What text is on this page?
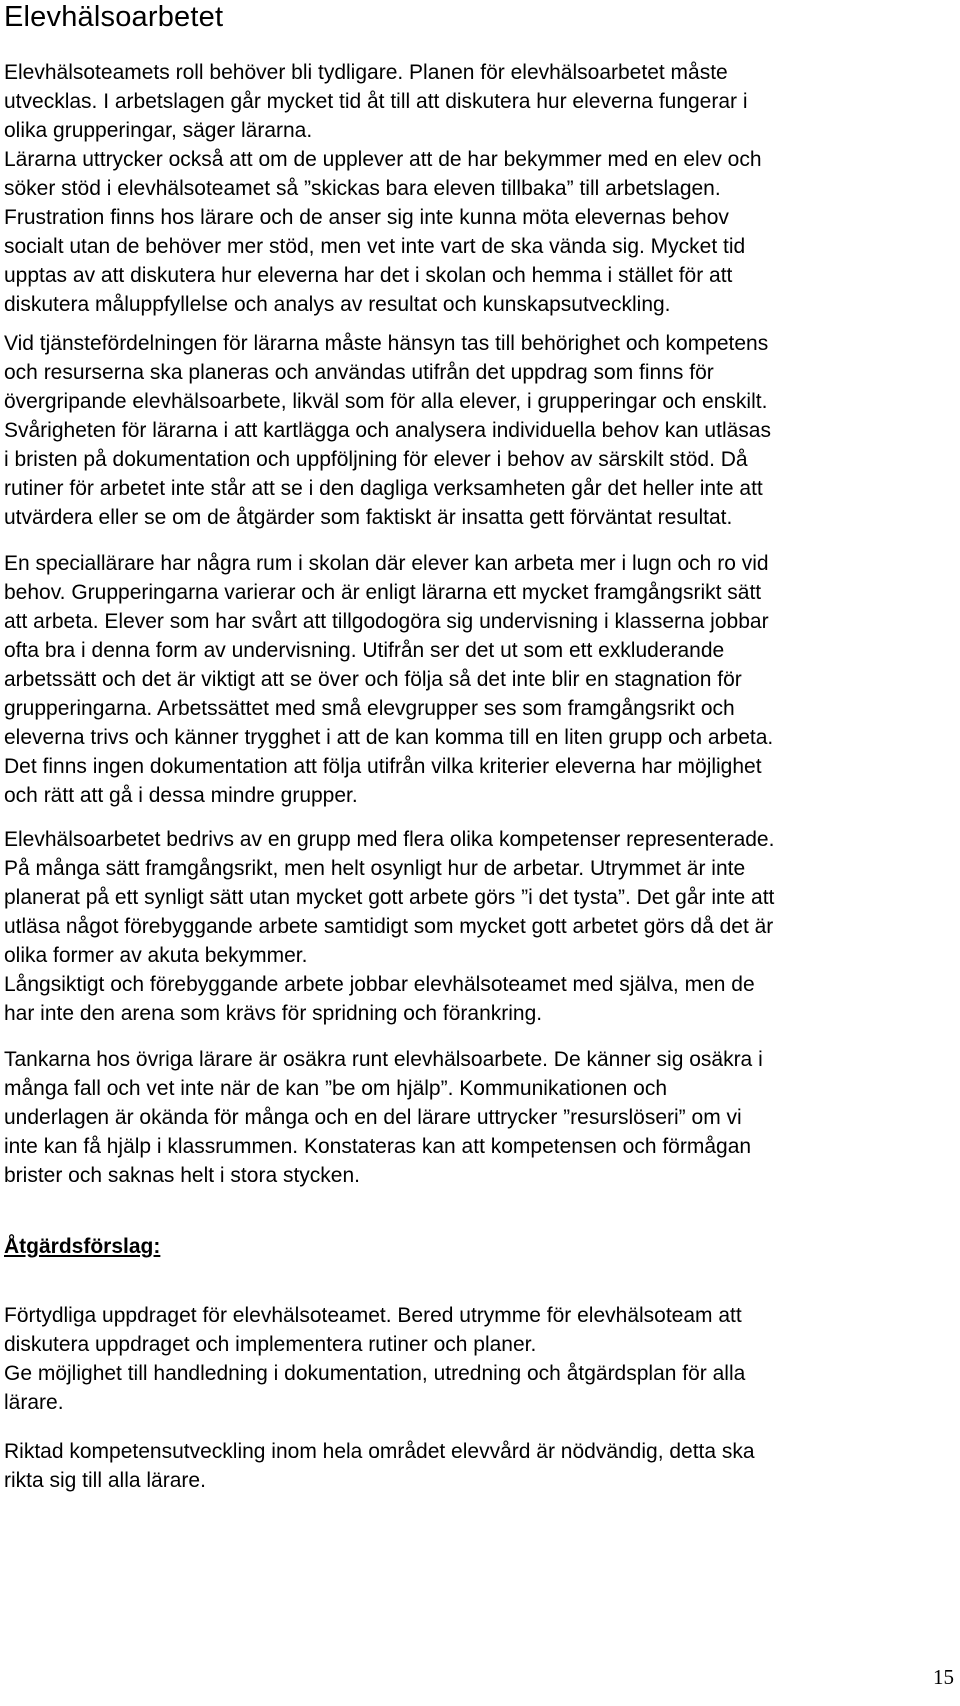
Elevhälsoarbetet

Elevhälsoteamets roll behöver bli tydligare. Planen för elevhälsoarbetet måste
utvecklas. I arbetslagen går mycket tid åt till att diskutera hur eleverna fungerar i
olika grupperingar, säger lärarna.
Lärarna uttrycker också att om de upplever att de har bekymmer med en elev och
söker stöd i elevhälsoteamet så ”skickas bara eleven tillbaka” till arbetslagen.
Frustration finns hos lärare och de anser sig inte kunna möta elevernas behov
socialt utan de behöver mer stöd, men vet inte vart de ska vända sig. Mycket tid
upptas av att diskutera hur eleverna har det i skolan och hemma i stället för att
diskutera måluppfyllelse och analys av resultat och kunskapsutveckling.

Vid tjänstefördelningen för lärarna måste hänsyn tas till behörighet och kompetens
och resurserna ska planeras och användas utifrån det uppdrag som finns för
övergripande elevhälsoarbete, likväl som för alla elever, i grupperingar och enskilt.
Svårigheten för lärarna i att kartlägga och analysera individuella behov kan utläsas
i bristen på dokumentation och uppföljning för elever i behov av särskilt stöd. Då
rutiner för arbetet inte står att se i den dagliga verksamheten går det heller inte att
utvärdera eller se om de åtgärder som faktiskt är insatta gett förväntat resultat.

En speciallärare har några rum i skolan där elever kan arbeta mer i lugn och ro vid
behov. Grupperingarna varierar och är enligt lärarna ett mycket framgångsrikt sätt
att arbeta. Elever som har svårt att tillgodogöra sig undervisning i klasserna jobbar
ofta bra i denna form av undervisning. Utifrån ser det ut som ett exkluderande
arbetssätt och det är viktigt att se över och följa så det inte blir en stagnation för
grupperingarna. Arbetssättet med små elevgrupper ses som framgångsrikt och
eleverna trivs och känner trygghet i att de kan komma till en liten grupp och arbeta.
Det finns ingen dokumentation att följa utifrån vilka kriterier eleverna har möjlighet
och rätt att gå i dessa mindre grupper.

Elevhälsoarbetet bedrivs av en grupp med flera olika kompetenser representerade.
På många sätt framgångsrikt, men helt osynligt hur de arbetar. Utrymmet är inte
planerat på ett synligt sätt utan mycket gott arbete görs ”i det tysta”. Det går inte att
utläsa något förebyggande arbete samtidigt som mycket gott arbetet görs då det är
olika former av akuta bekymmer.
Långsiktigt och förebyggande arbete jobbar elevhälsoteamet med själva, men de
har inte den arena som krävs för spridning och förankring.

Tankarna hos övriga lärare är osäkra runt elevhälsoarbete. De känner sig osäkra i
många fall och vet inte när de kan ”be om hjälp”. Kommunikationen och
underlagen är okända för många och en del lärare uttrycker ”resurslöseri” om vi
inte kan få hjälp i klassrummen. Konstateras kan att kompetensen och förmågan
brister och saknas helt i stora stycken.

Åtgärdsförslag:

Förtydliga uppdraget för elevhälsoteamet. Bered utrymme för elevhälsoteam att
diskutera uppdraget och implementera rutiner och planer.
Ge möjlighet till handledning i dokumentation, utredning och åtgärdsplan för alla
lärare.

Riktad kompetensutveckling inom hela området elevvård är nödvändig, detta ska
rikta sig till alla lärare.

15
